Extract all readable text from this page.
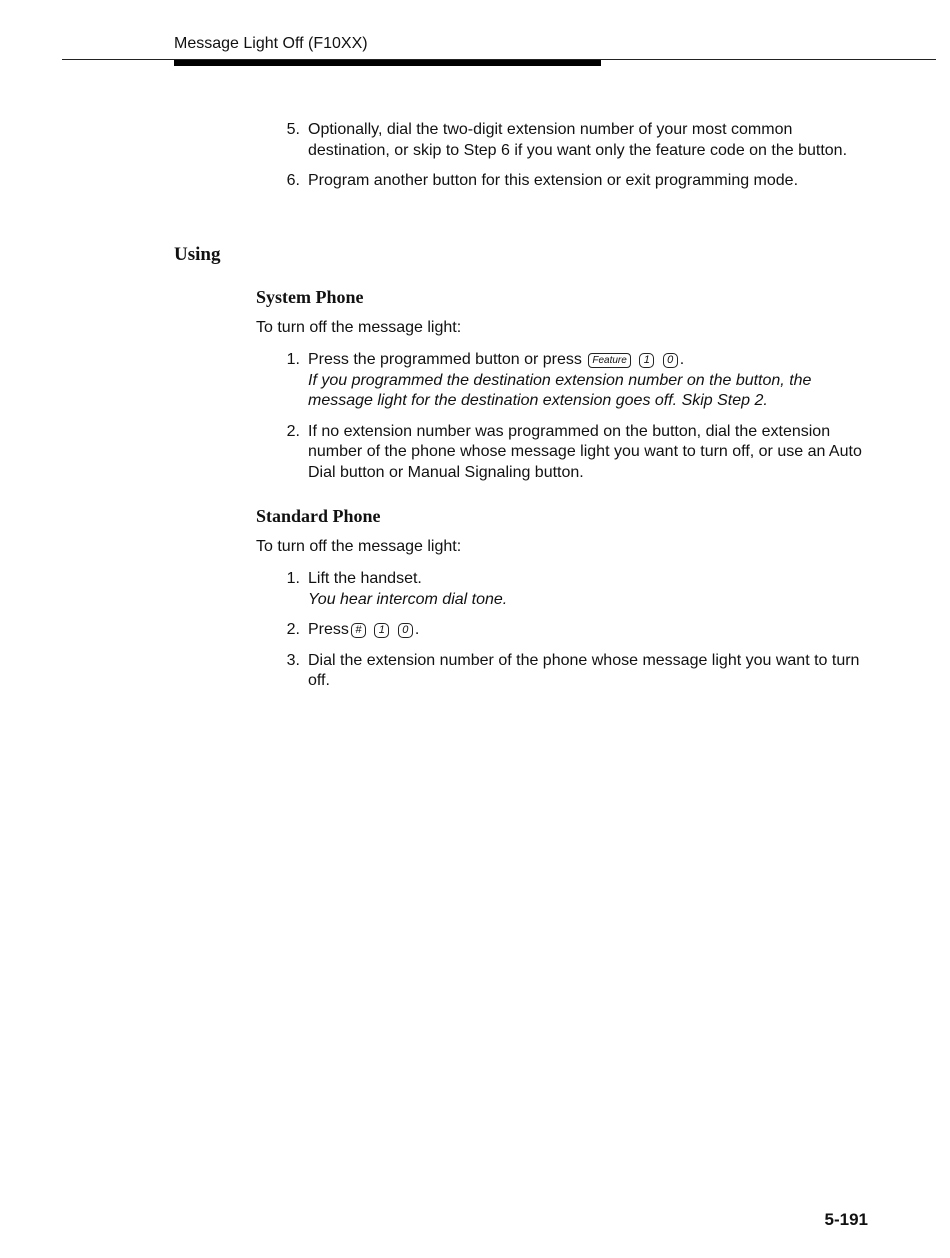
Message Light Off (F10XX)
5. Optionally, dial the two-digit extension number of your most common destination, or skip to Step 6 if you want only the feature code on the button.
6. Program another button for this extension or exit programming mode.
Using
System Phone
To turn off the message light:
1. Press the programmed button or press Feature 1 0 .
If you programmed the destination extension number on the button, the message light for the destination extension goes off. Skip Step 2.
2. If no extension number was programmed on the button, dial the extension number of the phone whose message light you want to turn off, or use an Auto Dial button or Manual Signaling button.
Standard Phone
To turn off the message light:
1. Lift the handset.
You hear intercom dial tone.
2. Press # 1 0 .
3. Dial the extension number of the phone whose message light you want to turn off.
5-191
